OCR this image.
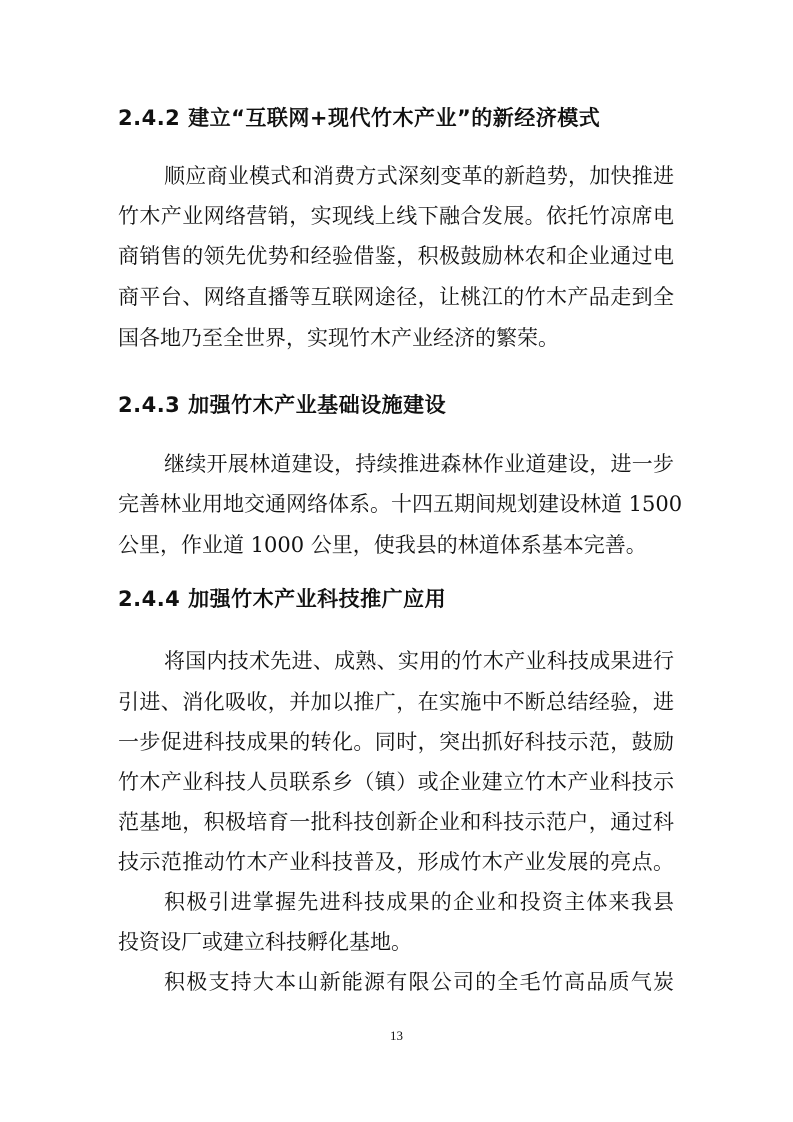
2.4.2 建立“互联网+现代竹木产业”的新经济模式
顺应商业模式和消费方式深刻变革的新趋势，加快推进
竹木产业网络营销，实现线上线下融合发展。依托竹凉席电
商销售的领先优势和经验借鉴，积极鼓励林农和企业通过电
商平台、网络直播等互联网途径，让桃江的竹木产品走到全
国各地乃至全世界，实现竹木产业经济的繁荣。
2.4.3 加强竹木产业基础设施建设
继续开展林道建设，持续推进森林作业道建设，进一步
完善林业用地交通网络体系。十四五期间规划建设林道 1500
公里，作业道 1000 公里，使我县的林道体系基本完善。
2.4.4 加强竹木产业科技推广应用
将国内技术先进、成熟、实用的竹木产业科技成果进行
引进、消化吸收，并加以推广，在实施中不断总结经验，进
一步促进科技成果的转化。同时，突出抓好科技示范，鼓励
竹木产业科技人员联系乡（镇）或企业建立竹木产业科技示
范基地，积极培育一批科技创新企业和科技示范户，通过科
技示范推动竹木产业科技普及，形成竹木产业发展的亮点。
积极引进掌握先进科技成果的企业和投资主体来我县
投资设厂或建立科技孵化基地。
积极支持大本山新能源有限公司的全毛竹高品质气炭
13
